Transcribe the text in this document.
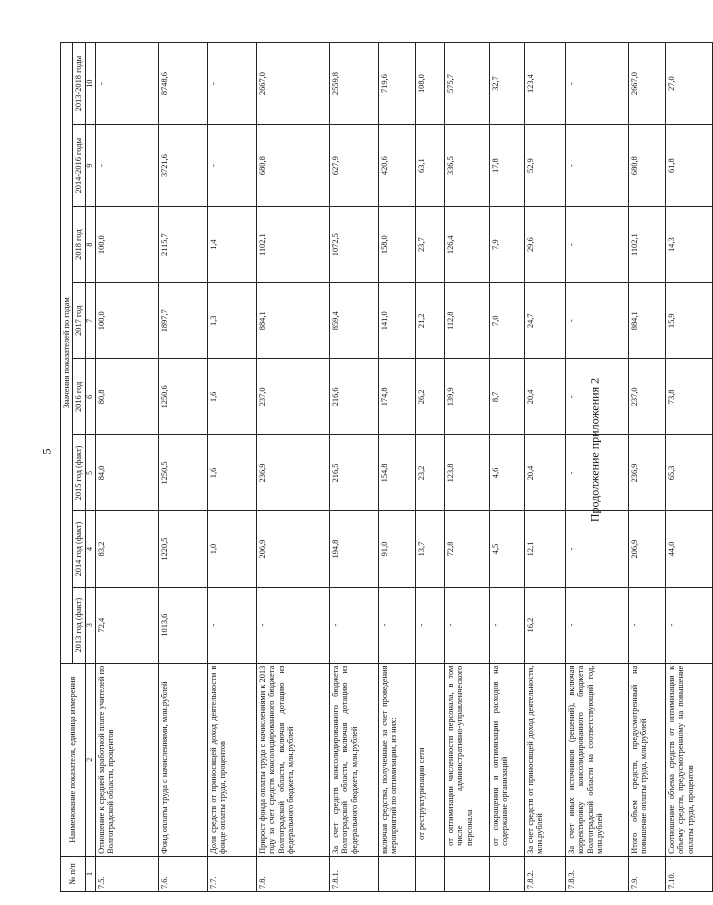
5	Продолжение приложения 2
№ п/п	Наименование показателя, единица измерения	Значения показателей по годам							
		2013 год (факт)	2014 год (факт)	2015 год (факт)	2016 год	2017 год	2018 год	2014-2016 годы	2013-2018 годы
1	2	3	4	5	6	7	8	9	10
7.5.	Отношение к средней заработной плате учителей по Волгоградской области, процентов	72,4	83,2	84,0	80,8	100,0	100,0	-	-
7.6.	Фонд оплаты труда с начислениями, млн.рублей	1013,6	1220,5	1250,5	1250,6	1897,7	2115,7	3721,6	8748,6
7.7.	Доля средств от приносящей доход деятельности в фонде оплаты труда, процентов	-	1,0	1,6	1,6	1,3	1,4	-	-
7.8.	Прирост фонда оплаты труда с начислениями к 2013 году за счет средств консолидированного бюджета Волгоградской области, включая дотацию из федерального бюджета, млн.рублей	-	206,9	236,9	237,0	884,1	1102,1	680,8	2667,0
7.8.1.	За счет средств консолидированного бюджета Волгоградской области, включая дотацию из федерального бюджета, млн.рублей	-	194,8	216,5	216,6	859,4	1072,5	627,9	2559,8
	включая средства, полученные за счет проведения мероприятий по оптимизации, из них:	-	91,0	154,8	174,8	141,0	158,0	420,6	719,6
	от реструктуризации сети	-	13,7	23,2	26,2	21,2	23,7	63,1	108,0
	от оптимизации численности персонала, в том числе административно-управленческого персонала	-	72,8	123,8	139,9	112,8	126,4	336,5	575,7
	от сокращения и оптимизации расходов на содержание организаций	-	4,5	4,6	8,7	7,0	7,9	17,8	32,7
7.8.2.	За счет средств от приносящей доход деятельности, млн.рублей	16,2	12,1	20,4	20,4	24,7	29,6	52,9	123,4
7.8.3.	За счет иных источников (решений), включая корректировку консолидированного бюджета Волгоградской области на соответствующий год, млн.рублей	-	-	-	-	-	-	-	-
7.9.	Итого объем средств, предусмотренный на повышение оплаты труда, млн.рублей	-	206,9	236,9	237,0	884,1	1102,1	680,8	2667,0
7.10.	Соотношение объема средств от оптимизации к объему средств, предусмотренному на повышение оплаты труда, процентов	-	44,0	65,3	73,8	15,9	14,3	61,8	27,0
